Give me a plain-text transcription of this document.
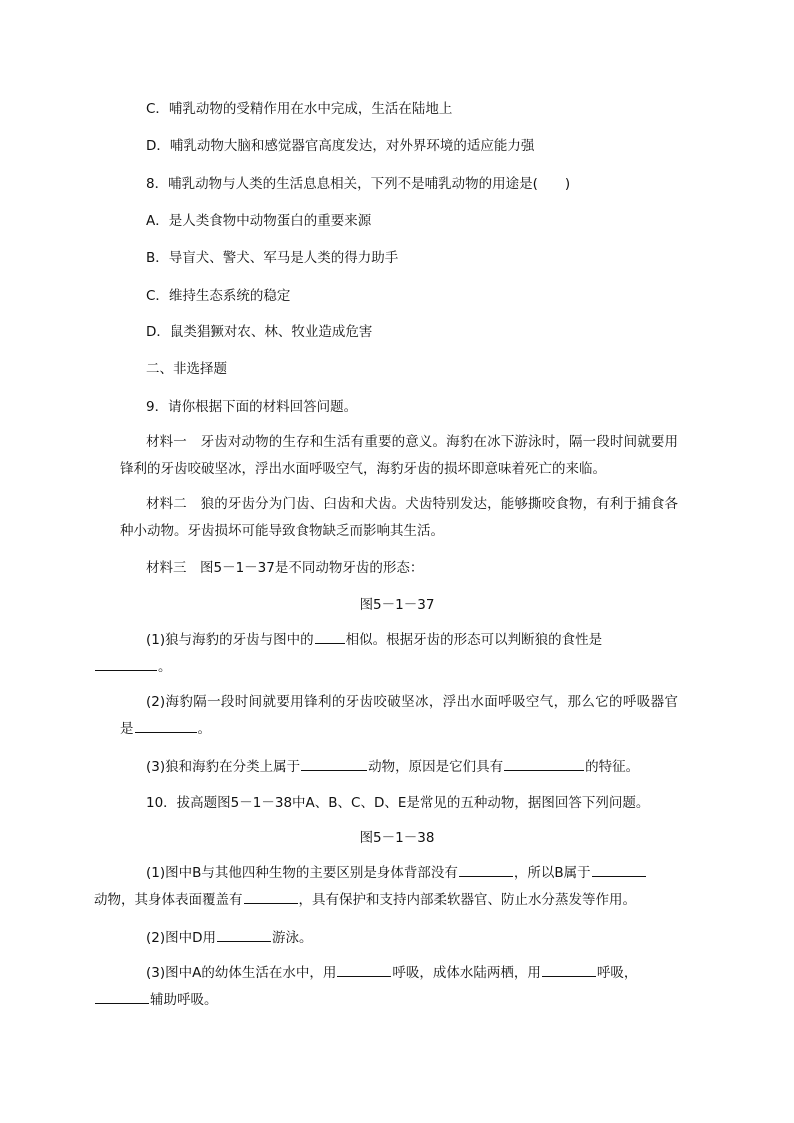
C．哺乳动物的受精作用在水中完成，生活在陆地上
D．哺乳动物大脑和感觉器官高度发达，对外界环境的适应能力强
8．哺乳动物与人类的生活息息相关，下列不是哺乳动物的用途是(　　)
A．是人类食物中动物蛋白的重要来源
B．导盲犬、警犬、军马是人类的得力助手
C．维持生态系统的稳定
D．鼠类猖獗对农、林、牧业造成危害
二、非选择题
9．请你根据下面的材料回答问题。
材料一　牙齿对动物的生存和生活有重要的意义。海豹在冰下游泳时，隔一段时间就要用锋利的牙齿咬破坚冰，浮出水面呼吸空气，海豹牙齿的损坏即意味着死亡的来临。
材料二　狼的牙齿分为门齿、臼齿和犬齿。犬齿特别发达，能够撕咬食物，有利于捕食各种小动物。牙齿损坏可能导致食物缺乏而影响其生活。
材料三　图5－1－37是不同动物牙齿的形态：
图5－1－37
(1)狼与海豹的牙齿与图中的 相似。根据牙齿的形态可以判断狼的食性是
。
(2)海豹隔一段时间就要用锋利的牙齿咬破坚冰，浮出水面呼吸空气，那么它的呼吸器官是	。
(3)狼和海豹在分类上属于	动物，原因是它们具有	的特征。
10．拔高题图5－1－38中A、B、C、D、E是常见的五种动物，据图回答下列问题。
图5－1－38
(1)图中B与其他四种生物的主要区别是身体背部没有	，所以B属于
动物，其身体表面覆盖有	，具有保护和支持内部柔软器官、防止水分蒸发等作用。
(2)图中D用	游泳。
(3)图中A的幼体生活在水中，用	呼吸，成体水陆两栖，用	呼吸，
辅助呼吸。
